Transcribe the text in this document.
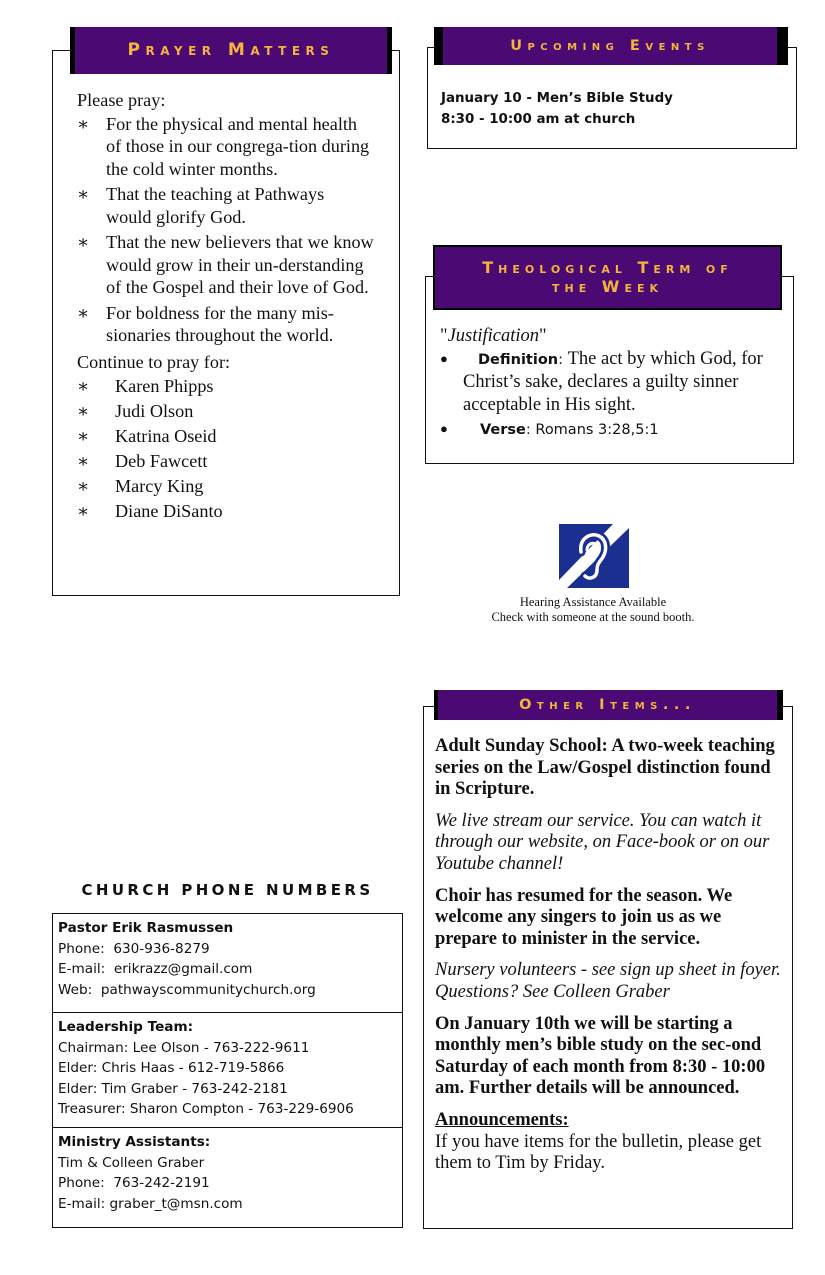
Prayer Matters
Please pray:
∗ For the physical and mental health of those in our congrega-tion during the cold winter months.
∗ That the teaching at Pathways would glorify God.
∗ That the new believers that we know would grow in their un-derstanding of the Gospel and their love of God.
∗ For boldness for the many mis-sionaries throughout the world.
Continue to pray for:
∗ Karen Phipps
∗ Judi Olson
∗ Katrina Oseid
∗ Deb Fawcett
∗ Marcy King
∗ Diane DiSanto
Upcoming Events
January 10 - Men’s Bible Study
8:30 - 10:00 am at church
Theological Term of
the Week
"Justification"
● Definition: The act by which God, for Christ’s sake, declares a guilty sinner acceptable in His sight.
● Verse: Romans 3:28,5:1
Hearing Assistance Available
Check with someone at the sound booth.
CHURCH PHONE NUMBERS
Pastor Erik Rasmussen
Phone: 630-936-8279
E-mail: erikrazz@gmail.com
Web: pathwayscommunitychurch.org
Leadership Team:
Chairman: Lee Olson - 763-222-9611
Elder: Chris Haas - 612-719-5866
Elder: Tim Graber - 763-242-2181
Treasurer: Sharon Compton - 763-229-6906
Ministry Assistants:
Tim & Colleen Graber
Phone: 763-242-2191
E-mail: graber_t@msn.com
Other Items...

Adult Sunday School: A two-week teaching series on the Law/Gospel distinction found in Scripture.

We live stream our service. You can watch it through our website, on Face-book or on our Youtube channel!

Choir has resumed for the season. We welcome any singers to join us as we prepare to minister in the service.

Nursery volunteers - see sign up sheet in foyer. Questions? See Colleen Graber

On January 10th we will be starting a monthly men’s bible study on the sec-ond Saturday of each month from 8:30 - 10:00 am. Further details will be announced.

Announcements:
If you have items for the bulletin, please get them to Tim by Friday.
